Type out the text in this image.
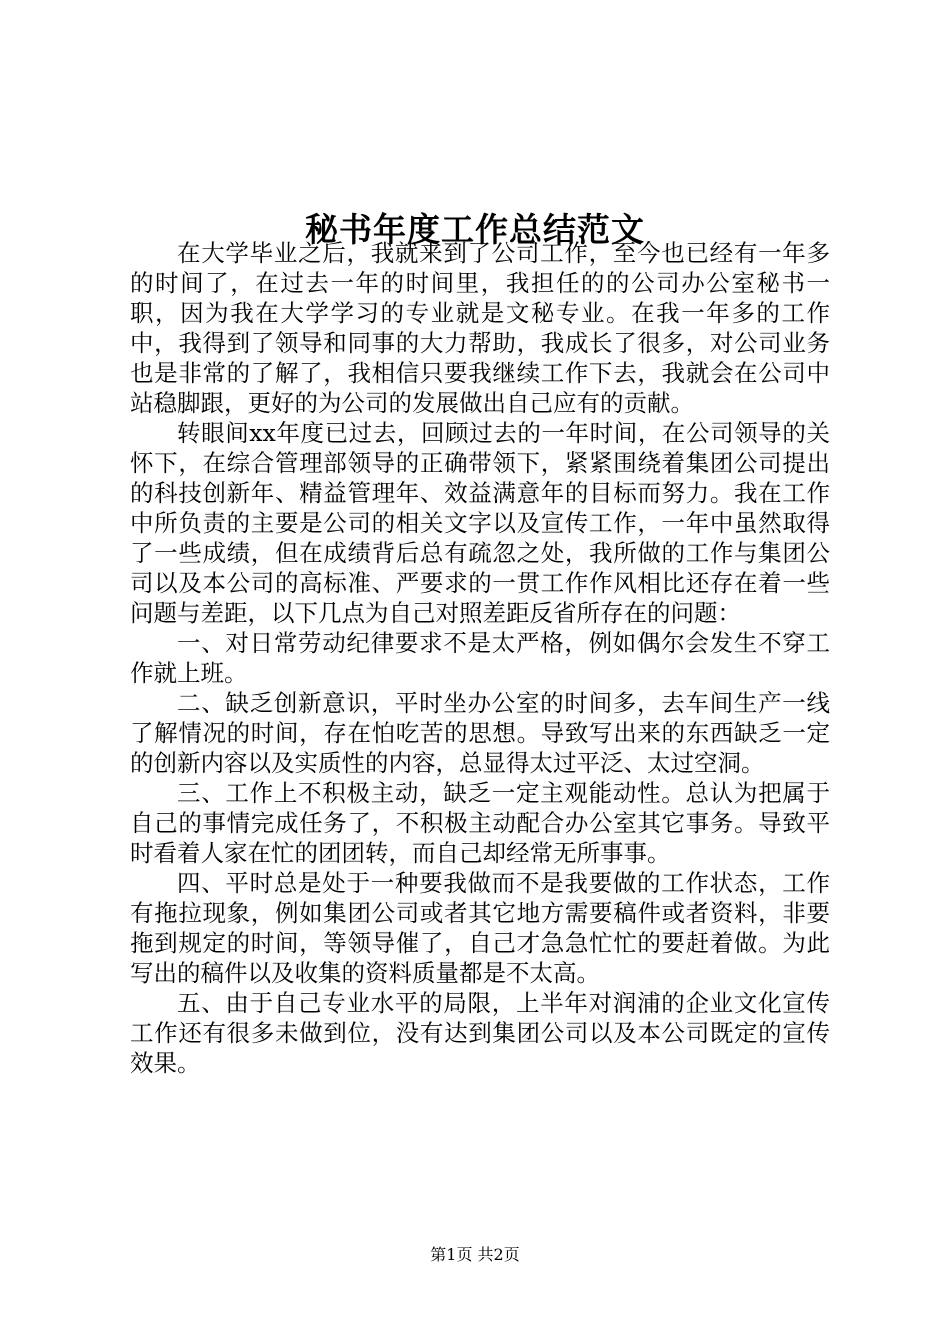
秘书年度工作总结范文

在大学毕业之后，我就来到了公司工作，至今也已经有一年多的时间了，在过去一年的时间里，我担任的的公司办公室秘书一职，因为我在大学学习的专业就是文秘专业。在我一年多的工作中，我得到了领导和同事的大力帮助，我成长了很多，对公司业务也是非常的了解了，我相信只要我继续工作下去，我就会在公司中站稳脚跟，更好的为公司的发展做出自己应有的贡献。

转眼间xx年度已过去，回顾过去的一年时间，在公司领导的关怀下，在综合管理部领导的正确带领下，紧紧围绕着集团公司提出的科技创新年、精益管理年、效益满意年的目标而努力。我在工作中所负责的主要是公司的相关文字以及宣传工作，一年中虽然取得了一些成绩，但在成绩背后总有疏忽之处，我所做的工作与集团公司以及本公司的高标准、严要求的一贯工作作风相比还存在着一些问题与差距，以下几点为自己对照差距反省所存在的问题：

一、对日常劳动纪律要求不是太严格，例如偶尔会发生不穿工作就上班。

二、缺乏创新意识，平时坐办公室的时间多，去车间生产一线了解情况的时间，存在怕吃苦的思想。导致写出来的东西缺乏一定的创新内容以及实质性的内容，总显得太过平泛、太过空洞。

三、工作上不积极主动，缺乏一定主观能动性。总认为把属于自己的事情完成任务了，不积极主动配合办公室其它事务。导致平时看着人家在忙的团团转，而自己却经常无所事事。

四、平时总是处于一种要我做而不是我要做的工作状态，工作有拖拉现象，例如集团公司或者其它地方需要稿件或者资料，非要拖到规定的时间，等领导催了，自己才急急忙忙的要赶着做。为此写出的稿件以及收集的资料质量都是不太高。

五、由于自己专业水平的局限，上半年对润浦的企业文化宣传工作还有很多未做到位，没有达到集团公司以及本公司既定的宣传效果。

第1页 共2页
